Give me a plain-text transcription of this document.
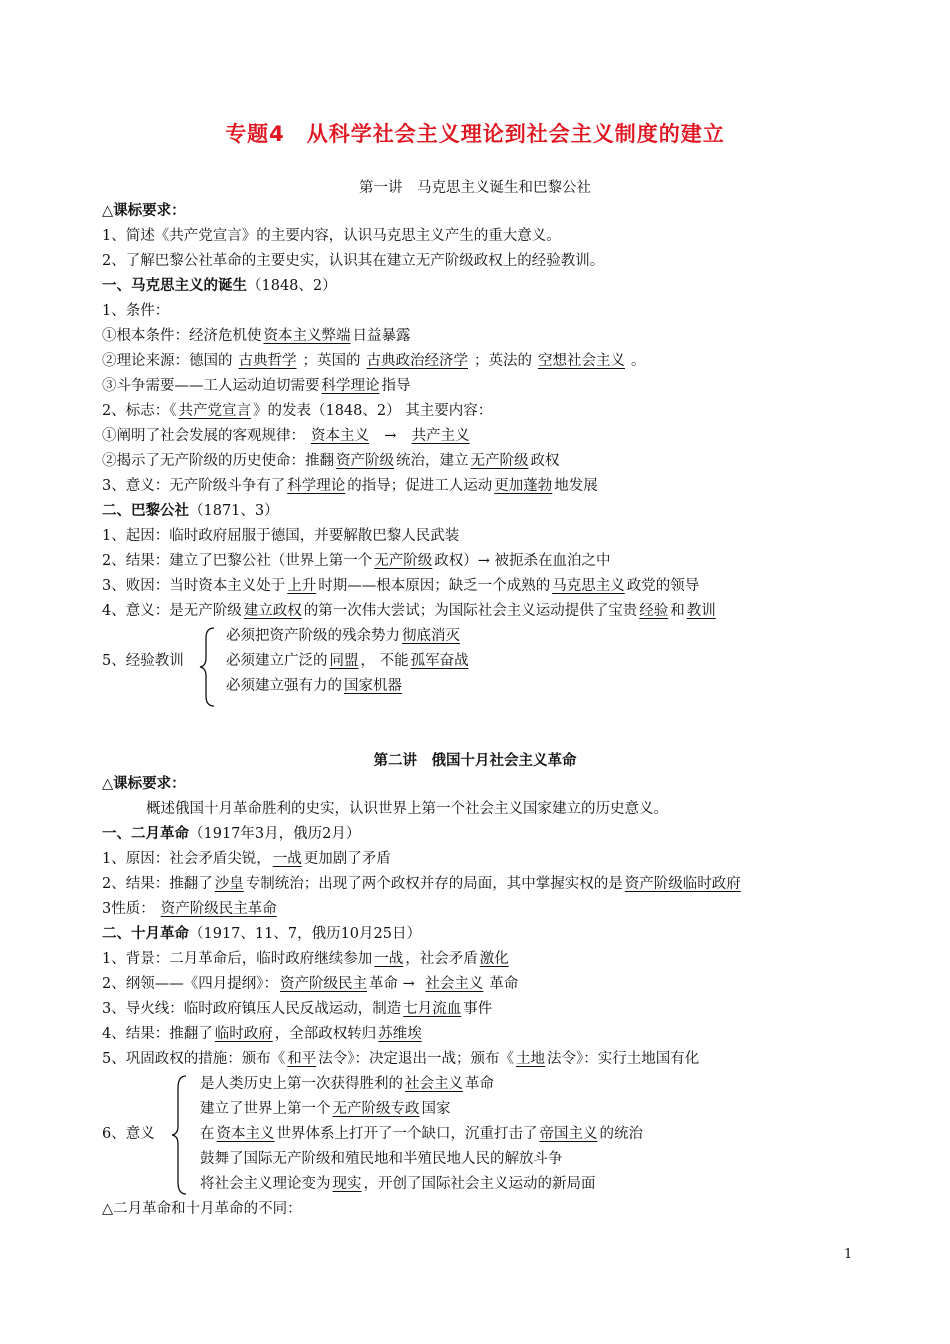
专题4　从科学社会主义理论到社会主义制度的建立
第一讲　马克思主义诞生和巴黎公社
△课标要求：
1、简述《共产党宣言》的主要内容，认识马克思主义产生的重大意义。
2、了解巴黎公社革命的主要史实，认识其在建立无产阶级政权上的经验教训。
一、马克思主义的诞生（1848、2）
1、条件：
①根本条件：经济危机使 资本主义弊端 日益暴露
②理论来源：德国的 古典哲学 ；英国的 古典政治经济学 ；英法的 空想社会主义 。
③斗争需要——工人运动迫切需要 科学理论 指导
2、标志：《 共产党宣言 》的发表（1848、2） 其主要内容：
①阐明了社会发展的客观规律： 资本主义 → 共产主义
②揭示了无产阶级的历史使命：推翻 资产阶级 统治，建立 无产阶级 政权
3、意义：无产阶级斗争有了 科学理论 的指导；促进工人运动 更加蓬勃 地发展
二、巴黎公社（1871、3）
1、起因：临时政府屈服于德国，并要解散巴黎人民武装
2、结果：建立了巴黎公社（世界上第一个 无产阶级 政权）→ 被扼杀在血泊之中
3、败因：当时资本主义处于 上升 时期——根本原因；缺乏一个成熟的 马克思主义 政党的领导
4、意义：是无产阶级 建立政权 的第一次伟大尝试；为国际社会主义运动提供了宝贵 经验 和 教训
5、经验教训
必须把资产阶级的残余势力 彻底消灭
必须建立广泛的 同盟 ， 不能 孤军奋战
必须建立强有力的 国家机器
第二讲　俄国十月社会主义革命
△课标要求：
概述俄国十月革命胜利的史实，认识世界上第一个社会主义国家建立的历史意义。
一、二月革命（1917年3月，俄历2月）
1、原因：社会矛盾尖锐， 一战 更加剧了矛盾
2、结果：推翻了 沙皇 专制统治；出现了两个政权并存的局面，其中掌握实权的是 资产阶级临时政府
3性质： 资产阶级民主革命
二、十月革命（1917、11、7，俄历10月25日）
1、背景：二月革命后，临时政府继续参加 一战 ，社会矛盾 激化
2、纲领——《四月提纲》： 资产阶级民主 革命 → 社会主义 革命
3、导火线：临时政府镇压人民反战运动，制造 七月流血 事件
4、结果：推翻了 临时政府 ，全部政权转归 苏维埃
5、巩固政权的措施：颁布《 和平 法令》：决定退出一战；颁布《 土地 法令》：实行土地国有化
6、意义
是人类历史上第一次获得胜利的 社会主义 革命
建立了世界上第一个 无产阶级专政 国家
在 资本主义 世界体系上打开了一个缺口，沉重打击了 帝国主义 的统治
鼓舞了国际无产阶级和殖民地和半殖民地人民的解放斗争
将社会主义理论变为 现实 ，开创了国际社会主义运动的新局面
△二月革命和十月革命的不同：
1
